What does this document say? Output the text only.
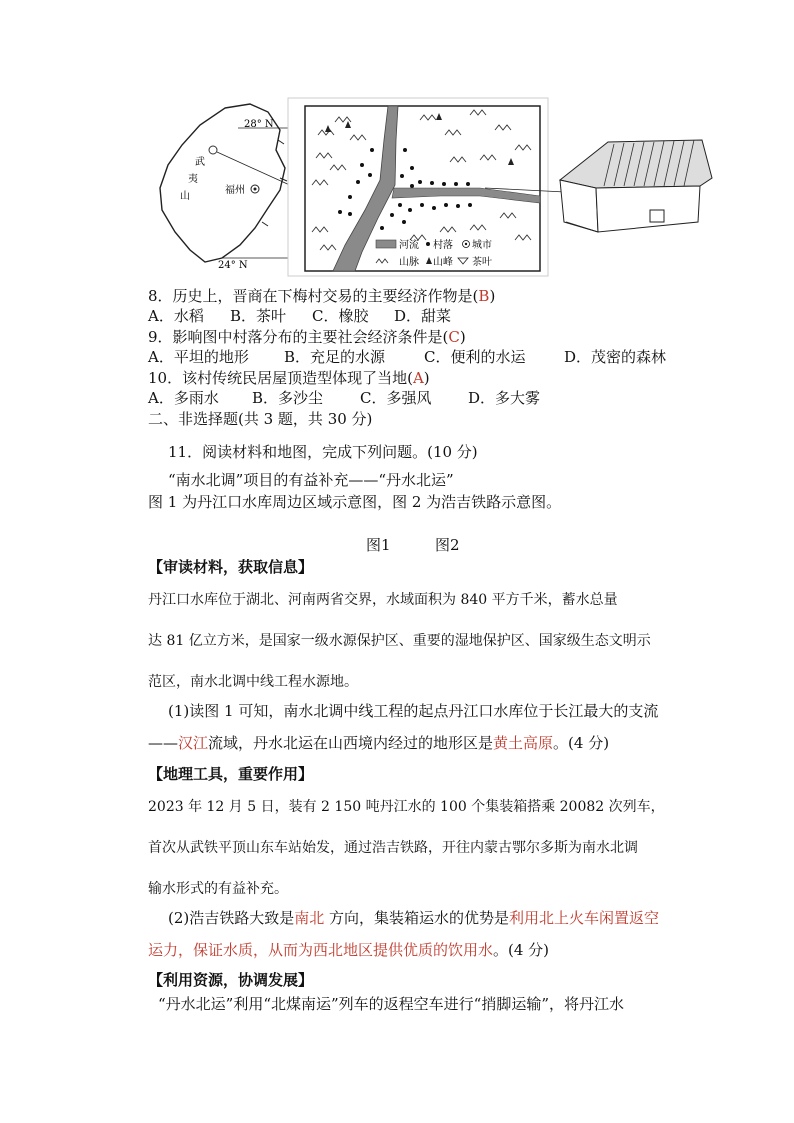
28° N
24° N
武
夷
山
福州
河流 村落 城市
山脉 山峰 茶叶
8．历史上，晋商在下梅村交易的主要经济作物是(B)
A．水稻 B．茶叶 C．橡胶 D．甜菜
9．影响图中村落分布的主要社会经济条件是(C)
A．平坦的地形 B．充足的水源	C．便利的水运	D．茂密的森林
10．该村传统民居屋顶造型体现了当地(A)
A．多雨水 B．多沙尘 C．多强风 D．多大雾
二、非选择题(共 3 题，共 30 分)
11．阅读材料和地图，完成下列问题。(10 分)
“南水北调”项目的有益补充——“丹水北运”
图 1 为丹江口水库周边区域示意图，图 2 为浩吉铁路示意图。
图1	图2
【审读材料，获取信息】
丹江口水库位于湖北、河南两省交界，水域面积为 840 平方千米，蓄水总量
达 81 亿立方米，是国家一级水源保护区、重要的湿地保护区、国家级生态文明示
范区，南水北调中线工程水源地。
(1)读图 1 可知，南水北调中线工程的起点丹江口水库位于长江最大的支流
——汉江流域，丹水北运在山西境内经过的地形区是黄土高原。(4 分)
【地理工具，重要作用】
2023 年 12 月 5 日，装有 2 150 吨丹江水的 100 个集装箱搭乘 20082 次列车，
首次从武铁平顶山东车站始发，通过浩吉铁路，开往内蒙古鄂尔多斯为南水北调
输水形式的有益补充。
(2)浩吉铁路大致是南北 方向，集装箱运水的优势是利用北上火车闲置返空
运力，保证水质，从而为西北地区提供优质的饮用水。(4 分)
【利用资源，协调发展】
“丹水北运”利用“北煤南运”列车的返程空车进行“捎脚运输”，将丹江水
